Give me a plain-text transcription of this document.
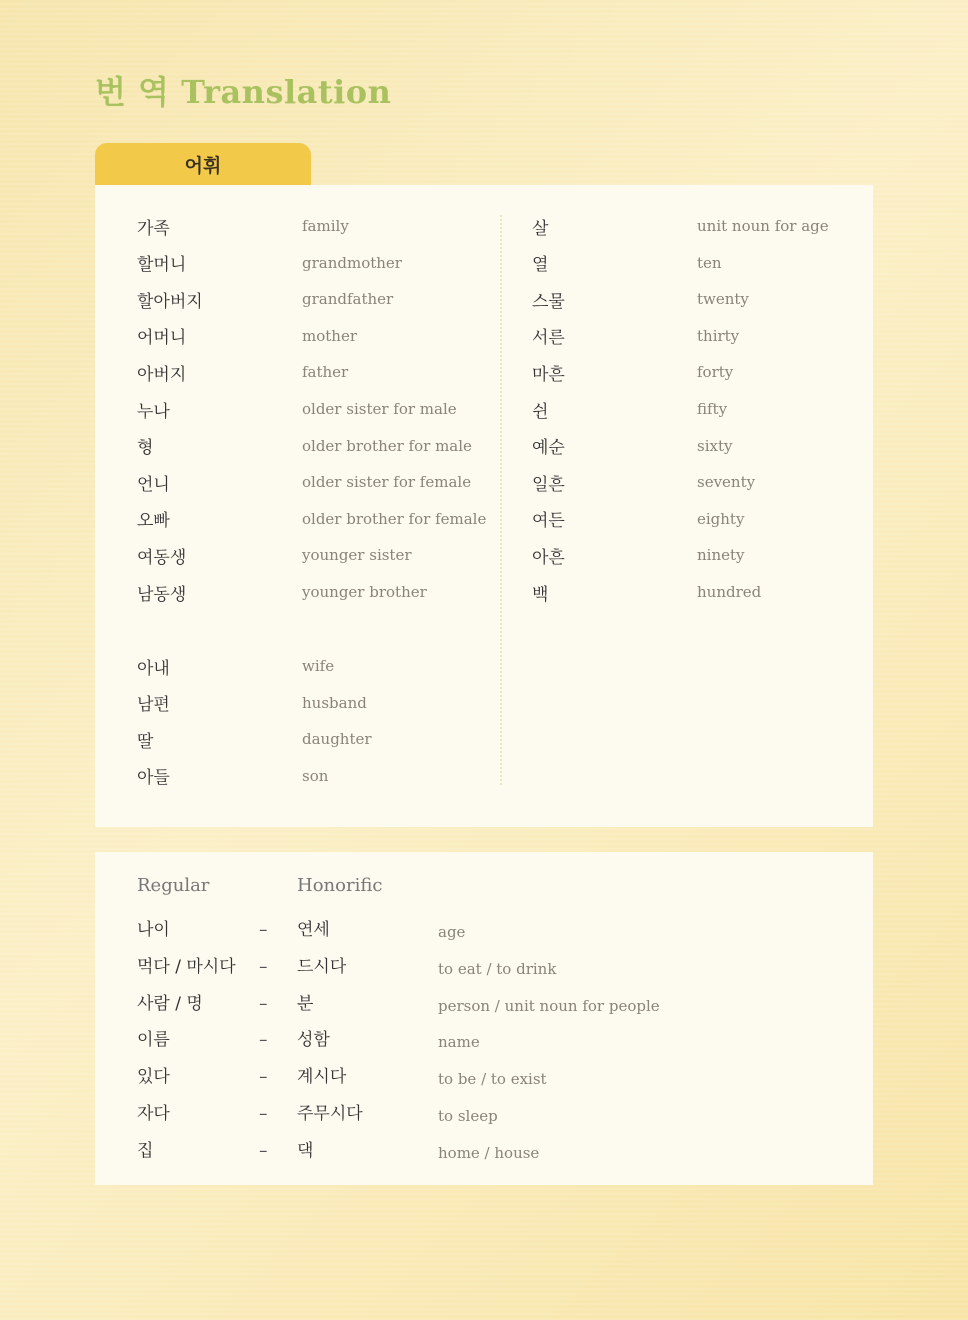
번 역 Translation
어휘
가족	family
할머니	grandmother
할아버지	grandfather
어머니	mother
아버지	father
누나	older sister for male
형	older brother for male
언니	older sister for female
오빠	older brother for female
여동생	younger sister
남동생	younger brother
아내	wife
남편	husband
딸	daughter
아들	son
살	unit noun for age
열	ten
스물	twenty
서른	thirty
마흔	forty
쉰	fifty
예순	sixty
일흔	seventy
여든	eighty
아흔	ninety
백	hundred
Regular	Honorific
나이	– 연세	age
먹다 / 마시다 – 드시다	to eat / to drink
사람 / 명	– 분	person / unit noun for people
이름	– 성함	name
있다	– 계시다	to be / to exist
자다	– 주무시다	to sleep
집	– 댁	home / house
